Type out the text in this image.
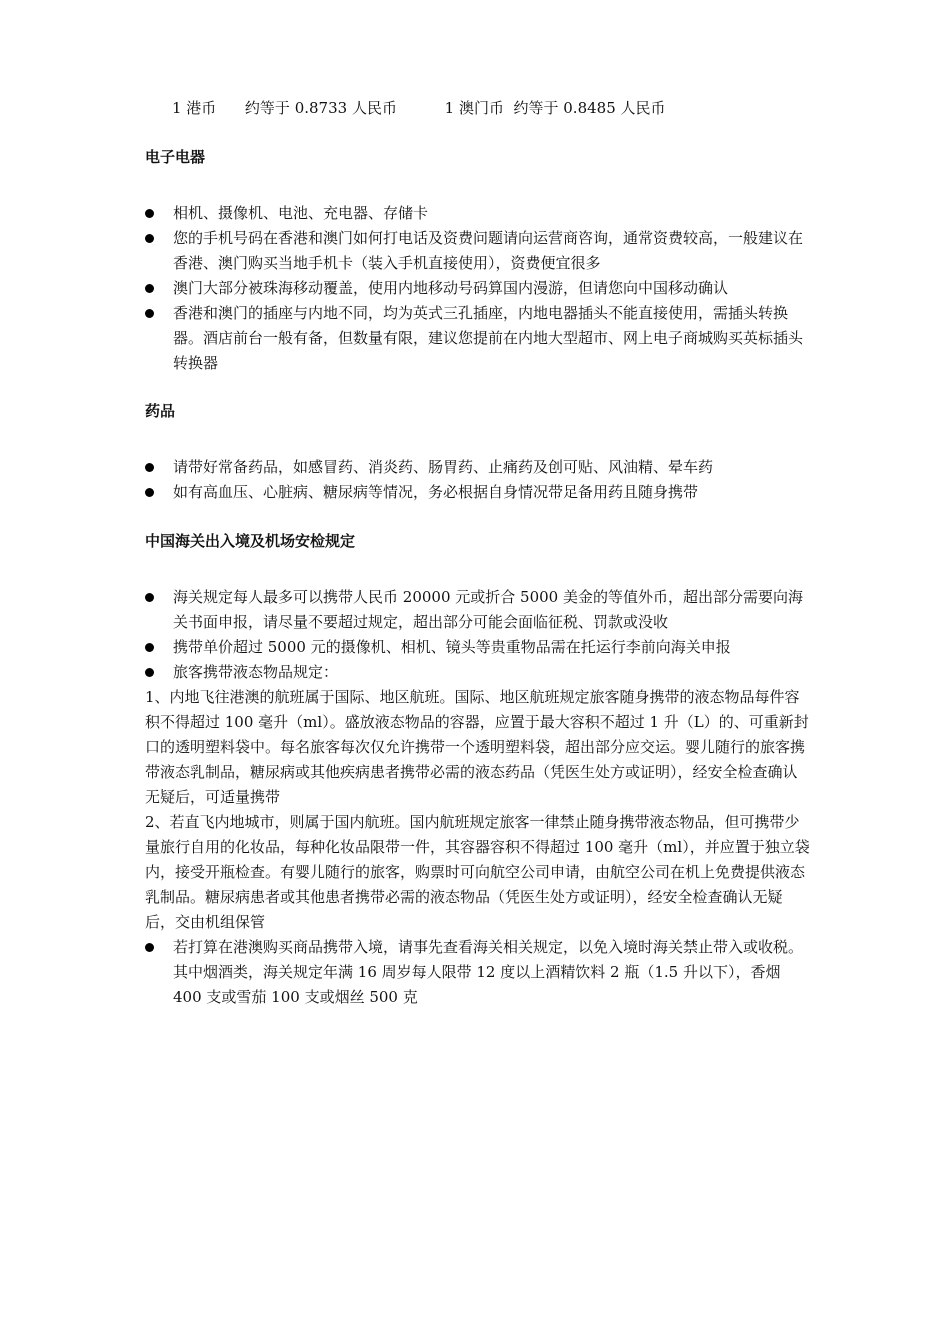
1 港币 约等于 0.8733 人民币	1 澳门币 约等于 0.8485 人民币
电子电器
相机、摄像机、电池、充电器、存储卡
您的手机号码在香港和澳门如何打电话及资费问题请向运营商咨询，通常资费较高，一般建议在香港、澳门购买当地手机卡（装入手机直接使用），资费便宜很多
澳门大部分被珠海移动覆盖，使用内地移动号码算国内漫游，但请您向中国移动确认
香港和澳门的插座与内地不同，均为英式三孔插座，内地电器插头不能直接使用，需插头转换器。酒店前台一般有备，但数量有限，建议您提前在内地大型超市、网上电子商城购买英标插头转换器
药品
请带好常备药品，如感冒药、消炎药、肠胃药、止痛药及创可贴、风油精、晕车药
如有高血压、心脏病、糖尿病等情况，务必根据自身情况带足备用药且随身携带
中国海关出入境及机场安检规定
海关规定每人最多可以携带人民币 20000 元或折合 5000 美金的等值外币，超出部分需要向海关书面申报，请尽量不要超过规定，超出部分可能会面临征税、罚款或没收
携带单价超过 5000 元的摄像机、相机、镜头等贵重物品需在托运行李前向海关申报
旅客携带液态物品规定：

1、内地飞往港澳的航班属于国际、地区航班。国际、地区航班规定旅客随身携带的液态物品每件容积不得超过 100 毫升（ml）。盛放液态物品的容器，应置于最大容积不超过 1 升（L）的、可重新封口的透明塑料袋中。每名旅客每次仅允许携带一个透明塑料袋，超出部分应交运。婴儿随行的旅客携带液态乳制品，糖尿病或其他疾病患者携带必需的液态药品（凭医生处方或证明），经安全检查确认无疑后，可适量携带

2、若直飞内地城市，则属于国内航班。国内航班规定旅客一律禁止随身携带液态物品，但可携带少量旅行自用的化妆品，每种化妆品限带一件，其容器容积不得超过 100 毫升（ml），并应置于独立袋内，接受开瓶检查。有婴儿随行的旅客，购票时可向航空公司申请，由航空公司在机上免费提供液态乳制品。糖尿病患者或其他患者携带必需的液态物品（凭医生处方或证明），经安全检查确认无疑后，交由机组保管

若打算在港澳购买商品携带入境，请事先查看海关相关规定，以免入境时海关禁止带入或收税。其中烟酒类，海关规定年满 16 周岁每人限带 12 度以上酒精饮料 2 瓶（1.5 升以下），香烟 400 支或雪茄 100 支或烟丝 500 克
